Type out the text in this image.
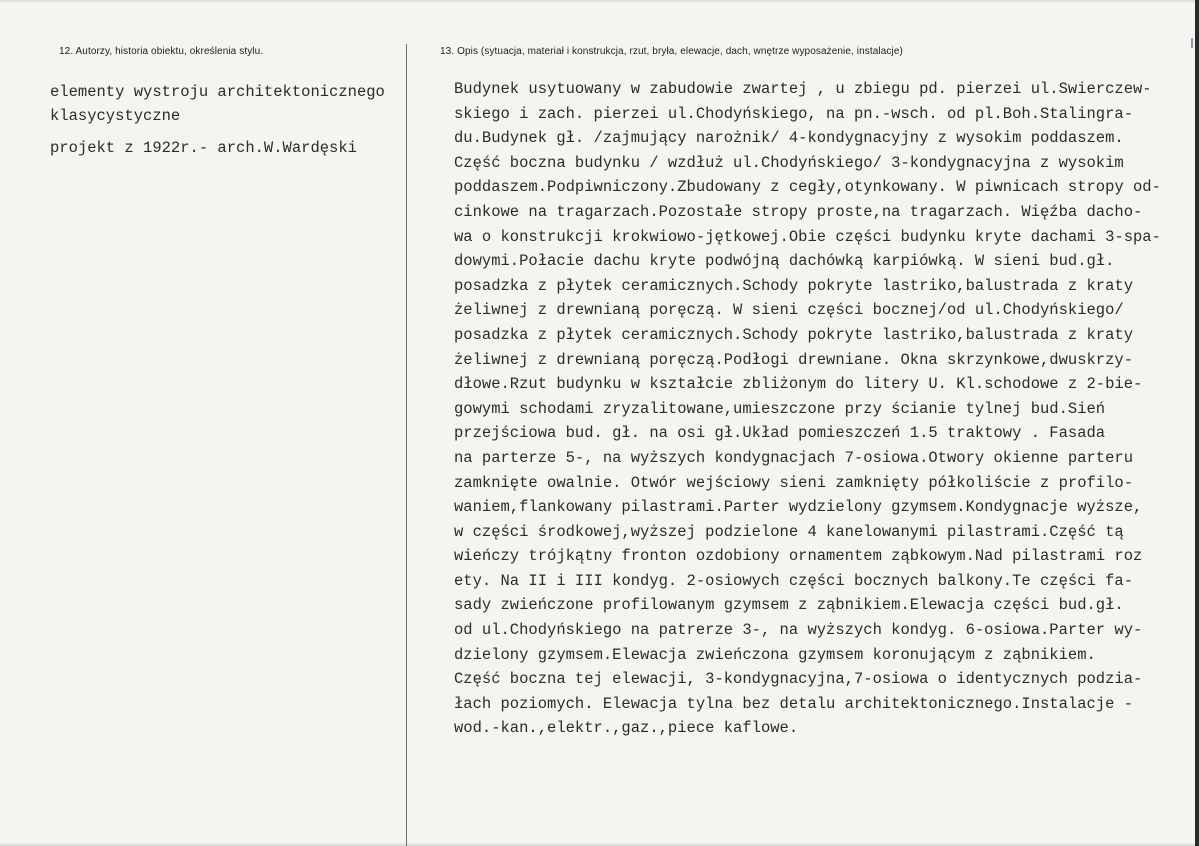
12. Autorzy, historia obiektu, określenia stylu.	13. Opis (sytuacja, materiał i konstrukcja, rzut, bryła, elewacje, dach, wnętrze wyposażenie, instalacje)
elementy wystroju architektonicznego
klasycystyczne
projekt z 1922r.- arch.W.Wardęski
Budynek usytuowany w zabudowie zwartej , u zbiegu pd. pierzei ul.Swierczew-
skiego i zach. pierzei ul.Chodyńskiego, na pn.-wsch. od pl.Boh.Stalingra-
du.Budynek gł. /zajmujący narożnik/ 4-kondygnacyjny z wysokim poddaszem.
Część boczna budynku / wzdłuż ul.Chodyńskiego/ 3-kondygnacyjna z wysokim
poddaszem.Podpiwniczony.Zbudowany z cegły,otynkowany. W piwnicach stropy od-
cinkowe na tragarzach.Pozostałe stropy proste,na tragarzach. Więźba dacho-
wa o konstrukcji krokwiowo-jętkowej.Obie części budynku kryte dachami 3-spa-
dowymi.Połacie dachu kryte podwójną dachówką karpiówką. W sieni bud.gł.
posadzka z płytek ceramicznych.Schody pokryte lastriko,balustrada z kraty
żeliwnej z drewnianą poręczą. W sieni części bocznej/od ul.Chodyńskiego/
posadzka z płytek ceramicznych.Schody pokryte lastriko,balustrada z kraty
żeliwnej z drewnianą poręczą.Podłogi drewniane. Okna skrzynkowe,dwuskrzy-
dłowe.Rzut budynku w kształcie zbliżonym do litery U. Kl.schodowe z 2-bie-
gowymi schodami zryzalitowane,umieszczone przy ścianie tylnej bud.Sień
przejściowa bud. gł. na osi gł.Układ pomieszczeń 1.5 traktowy . Fasada
na parterze 5-, na wyższych kondygnacjach 7-osiowa.Otwory okienne parteru
zamknięte owalnie. Otwór wejściowy sieni zamknięty półkoliście z profilo-
waniem,flankowany pilastrami.Parter wydzielony gzymsem.Kondygnacje wyższe,
w części środkowej,wyższej podzielone 4 kanelowanymi pilastrami.Część tą
wieńczy trójkątny fronton ozdobiony ornamentem ząbkowym.Nad pilastrami roz
ety. Na II i III kondyg. 2-osiowych części bocznych balkony.Te części fa-
sady zwieńczone profilowanym gzymsem z ząbnikiem.Elewacja części bud.gł.
od ul.Chodyńskiego na patrerze 3-, na wyższych kondyg. 6-osiowa.Parter wy-
dzielony gzymsem.Elewacja zwieńczona gzymsem koronującym z ząbnikiem.
Część boczna tej elewacji, 3-kondygnacyjna,7-osiowa o identycznych podzia-
łach poziomych. Elewacja tylna bez detalu architektonicznego.Instalacje -
wod.-kan.,elektr.,gaz.,piece kaflowe.
